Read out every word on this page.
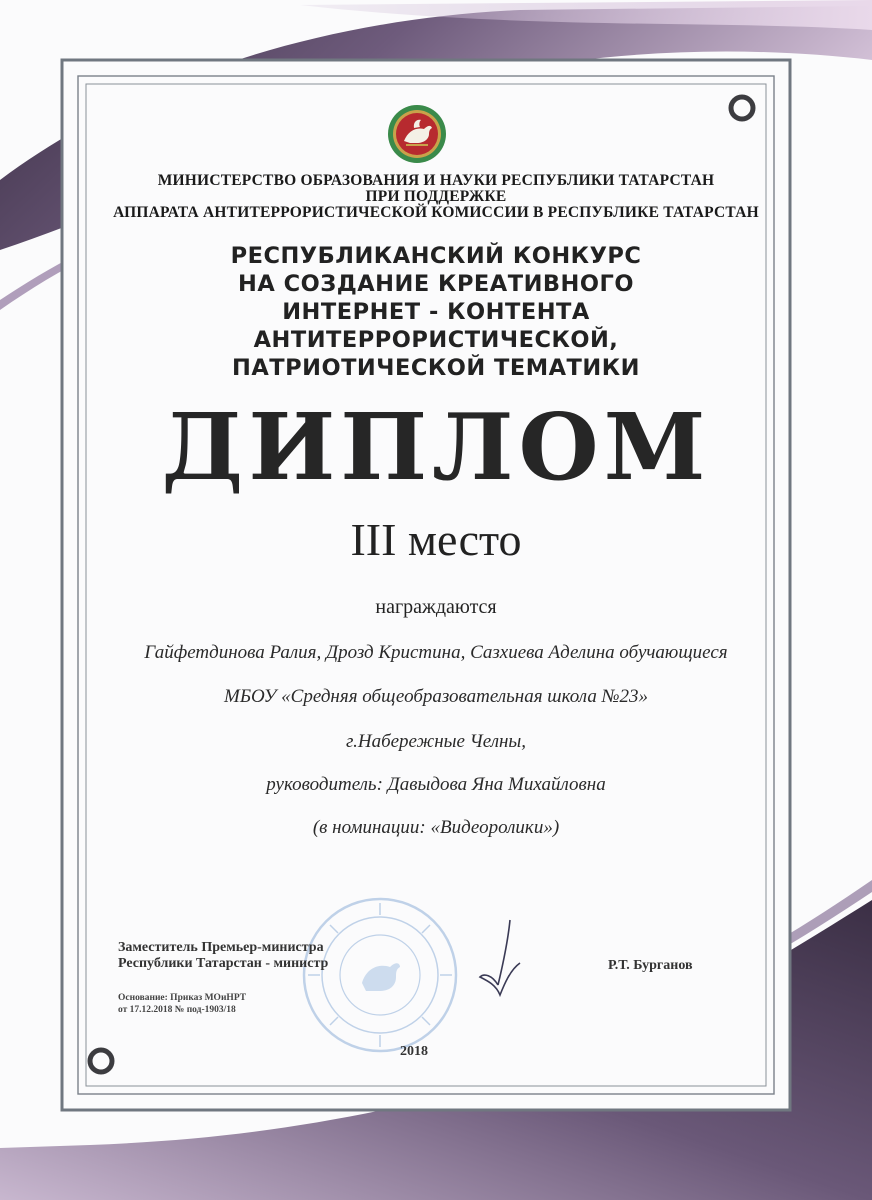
МИНИСТЕРСТВО ОБРАЗОВАНИЯ И НАУКИ РЕСПУБЛИКИ ТАТАРСТАН
ПРИ ПОДДЕРЖКЕ
АППАРАТА АНТИТЕРРОРИСТИЧЕСКОЙ КОМИССИИ В РЕСПУБЛИКЕ ТАТАРСТАН
РЕСПУБЛИКАНСКИЙ КОНКУРС
НА СОЗДАНИЕ КРЕАТИВНОГО
ИНТЕРНЕТ - КОНТЕНТА
АНТИТЕРРОРИСТИЧЕСКОЙ,
ПАТРИОТИЧЕСКОЙ ТЕМАТИКИ
ДИПЛОМ
III место
награждаются
Гайфетдинова Ралия, Дрозд Кристина, Сазхиева Аделина обучающиеся
МБОУ «Средняя общеобразовательная школа №23»
г.Набережные Челны,
руководитель: Давыдова Яна Михайловна
(в номинации: «Видеоролики»)
Заместитель Премьер-министра
Республики Татарстан - министр	Р.Т. Бурганов
Основание: Приказ МОиНРТ
от 17.12.2018 № под-1903/18
2018
